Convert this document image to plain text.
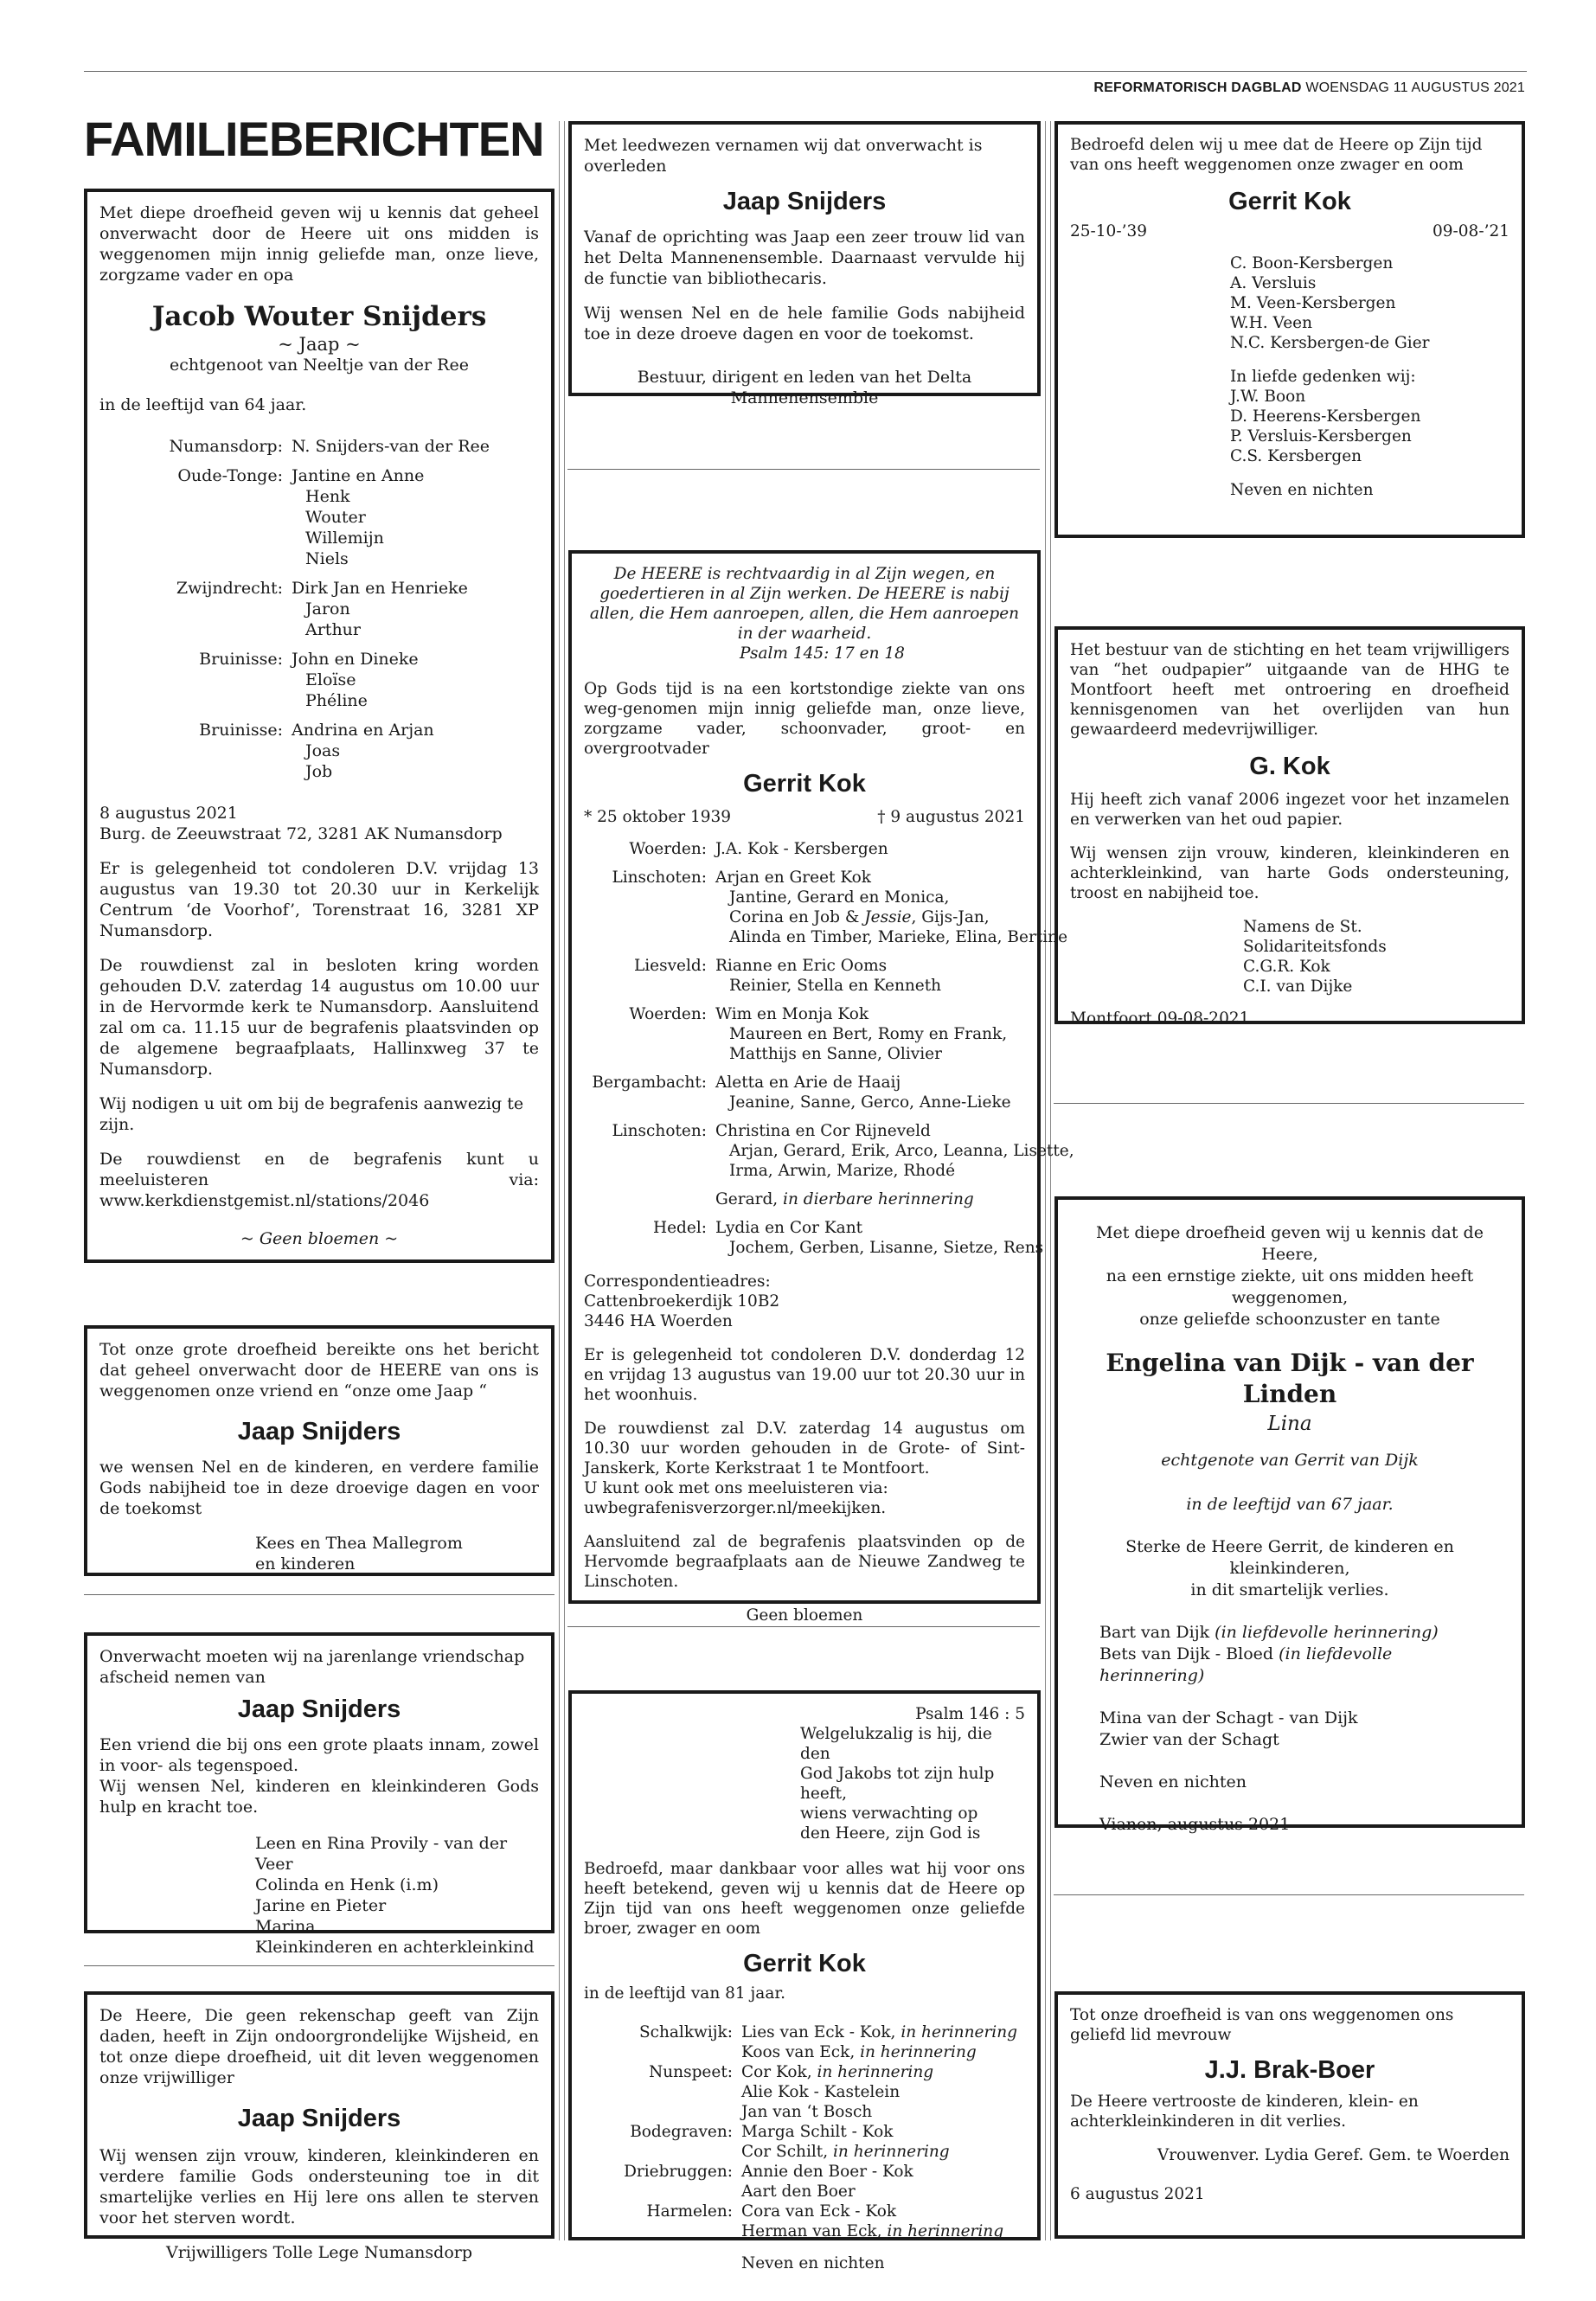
REFORMATORISCH DAGBLAD WOENSDAG 11 AUGUSTUS 2021
FAMILIEBERICHTEN

Met diepe droefheid geven wij u kennis dat geheel onverwacht door de Heere uit ons midden is weggenomen mijn innig geliefde man, onze lieve, zorgzame vader en opa

Jacob Wouter Snijders
~ Jaap ~
echtgenoot van Neeltje van der Ree

in de leeftijd van 64 jaar.

Numansdorp: N. Snijders-van der Ree
Oude-Tonge: Jantine en Anne
Henk
Wouter
Willemijn
Niels
Zwijndrecht: Dirk Jan en Henrieke
Jaron
Arthur
Bruinisse: John en Dineke
Eloïse
Phéline
Bruinisse: Andrina en Arjan
Joas
Job
8 augustus 2021

Burg. de Zeeuwstraat 72, 3281 AK Numansdorp

Er is gelegenheid tot condoleren D.V. vrijdag 13 augustus van 19.30 tot 20.30 uur in Kerkelijk Centrum ‘de Voorhof’, Torenstraat 16, 3281 XP Numansdorp.

De rouwdienst zal in besloten kring worden gehouden D.V. zaterdag 14 augustus om 10.00 uur in de Hervormde kerk te Numansdorp. Aansluitend zal om ca. 11.15 uur de begrafenis plaatsvinden op de algemene begraafplaats, Hallinxweg 37 te Numansdorp.

Wij nodigen u uit om bij de begrafenis aanwezig te zijn.

De rouwdienst en de begrafenis kunt u meeluisteren via: www.kerkdienstgemist.nl/stations/2046

~ Geen bloemen ~

Tot onze grote droefheid bereikte ons het bericht dat geheel onverwacht door de HEERE van ons is weggenomen onze vriend en “onze ome Jaap “

Jaap Snijders

we wensen Nel en de kinderen, en verdere familie Gods nabijheid toe in deze droevige dagen en voor de toekomst

Kees en Thea Mallegrom
en kinderen

Onverwacht moeten wij na jarenlange vriendschap afscheid nemen van

Jaap Snijders
Een vriend die bij ons een grote plaats innam, zowel in voor- als tegenspoed.

Wij wensen Nel, kinderen en kleinkinderen Gods hulp en kracht toe.

Leen en Rina Provily - van der Veer
Colinda en Henk (i.m)
Jarine en Pieter
Marina
Kleinkinderen en achterkleinkind

De Heere, Die geen rekenschap geeft van Zijn daden, heeft in Zijn ondoorgrondelijke Wijsheid, en tot onze diepe droefheid, uit dit leven weggenomen onze vrijwilliger

Jaap Snijders

Wij wensen zijn vrouw, kinderen, kleinkinderen en verdere familie Gods ondersteuning toe in dit smartelijke verlies en Hij lere ons allen te sterven voor het sterven wordt.

Vrijwilligers Tolle Lege Numansdorp

Met leedwezen vernamen wij dat onverwacht is overleden

Jaap Snijders

Vanaf de oprichting was Jaap een zeer trouw lid van het Delta Mannenensemble. Daarnaast vervulde hij de functie van bibliothecaris.

Wij wensen Nel en de hele familie Gods nabijheid toe in deze droeve dagen en voor de toekomst.

Bestuur, dirigent en leden van het Delta Mannenensemble
De HEERE is rechtvaardig in al Zijn wegen, en goedertieren in al Zijn werken. De HEERE is nabij allen, die Hem aanroepen, allen, die Hem aanroepen in der waarheid.
Psalm 145: 17 en 18

Op Gods tijd is na een kortstondige ziekte van ons weg-genomen mijn innig geliefde man, onze lieve, zorgzame vader, schoonvader, groot- en overgrootvader

Gerrit Kok
* 25 oktober 1939	† 9 augustus 2021
Woerden: J.A. Kok - Kersbergen
Linschoten: Arjan en Greet Kok
Jantine, Gerard en Monica,
Corina en Job & Jessie, Gijs-Jan,
Alinda en Timber, Marieke, Elina, Bertine
Liesveld: Rianne en Eric Ooms
Reinier, Stella en Kenneth
Woerden: Wim en Monja Kok
Maureen en Bert, Romy en Frank,
Matthijs en Sanne, Olivier
Bergambacht: Aletta en Arie de Haaij
Jeanine, Sanne, Gerco, Anne-Lieke
Linschoten: Christina en Cor Rijneveld
Arjan, Gerard, Erik, Arco, Leanna, Lisette,
Irma, Arwin, Marize, Rhodé
Gerard, in dierbare herinnering
Hedel: Lydia en Cor Kant
Jochem, Gerben, Lisanne, Sietze, Rens
Correspondentieadres:
Cattenbroekerdijk 10B2

3446 HA Woerden

Er is gelegenheid tot condoleren D.V. donderdag 12 en vrijdag 13 augustus van 19.00 uur tot 20.30 uur in het woonhuis.

De rouwdienst zal D.V. zaterdag 14 augustus om 10.30 uur worden gehouden in de Grote- of Sint-Janskerk, Korte Kerkstraat 1 te Montfoort.

U kunt ook met ons meeluisteren via: uwbegrafenisverzorger.nl/meekijken.

Aansluitend zal de begrafenis plaatsvinden op de Hervomde begraafplaats aan de Nieuwe Zandweg te Linschoten.

Geen bloemen
Psalm 146 : 5
Welgelukzalig is hij, die den
God Jakobs tot zijn hulp heeft,
wiens verwachting op
den Heere, zijn God is

Bedroefd, maar dankbaar voor alles wat hij voor ons heeft betekend, geven wij u kennis dat de Heere op Zijn tijd van ons heeft weggenomen onze geliefde broer, zwager en oom

Gerrit Kok

in de leeftijd van 81 jaar.

Schalkwijk: Lies van Eck - Kok, in herinnering
Koos van Eck, in herinnering
Nunspeet: Cor Kok, in herinnering
Alie Kok - Kastelein
Jan van ‘t Bosch
Bodegraven: Marga Schilt - Kok
Cor Schilt, in herinnering
Driebruggen: Annie den Boer - Kok
Aart den Boer
Harmelen: Cora van Eck - Kok
Herman van Eck, in herinnering
Neven en nichten

Bedroefd delen wij u mee dat de Heere op Zijn tijd van ons heeft weggenomen onze zwager en oom

Gerrit Kok
25-10-’39	09-08-’21
C. Boon-Kersbergen
A. Versluis
M. Veen-Kersbergen
W.H. Veen
N.C. Kersbergen-de Gier
In liefde gedenken wij:
J.W. Boon
D. Heerens-Kersbergen
P. Versluis-Kersbergen
C.S. Kersbergen
Neven en nichten

Het bestuur van de stichting en het team vrijwilligers van “het oudpapier” uitgaande van de HHG te Montfoort heeft met ontroering en droefheid kennisgenomen van het overlijden van hun gewaardeerd medevrijwilliger.

G. Kok

Hij heeft zich vanaf 2006 ingezet voor het inzamelen en verwerken van het oud papier.

Wij wensen zijn vrouw, kinderen, kleinkinderen en achterkleinkind, van harte Gods ondersteuning, troost en nabijheid toe.

Namens de St. Solidariteitsfonds
C.G.R. Kok
C.I. van Dijke
Montfoort 09-08-2021
Met diepe droefheid geven wij u kennis dat de Heere,
na een ernstige ziekte, uit ons midden heeft weggenomen,
onze geliefde schoonzuster en tante
Engelina van Dijk - van der Linden
Lina
echtgenote van Gerrit van Dijk
in de leeftijd van 67 jaar.
Sterke de Heere Gerrit, de kinderen en kleinkinderen,
in dit smartelijk verlies.
Bart van Dijk (in liefdevolle herinnering)
Bets van Dijk - Bloed (in liefdevolle herinnering)
Mina van der Schagt - van Dijk
Zwier van der Schagt
Neven en nichten
Vianen, augustus 2021

Tot onze droefheid is van ons weggenomen ons geliefd lid mevrouw

J.J. Brak-Boer

De Heere vertrooste de kinderen, klein- en achterkleinkinderen in dit verlies.

Vrouwenver. Lydia Geref. Gem. te Woerden
6 augustus 2021
